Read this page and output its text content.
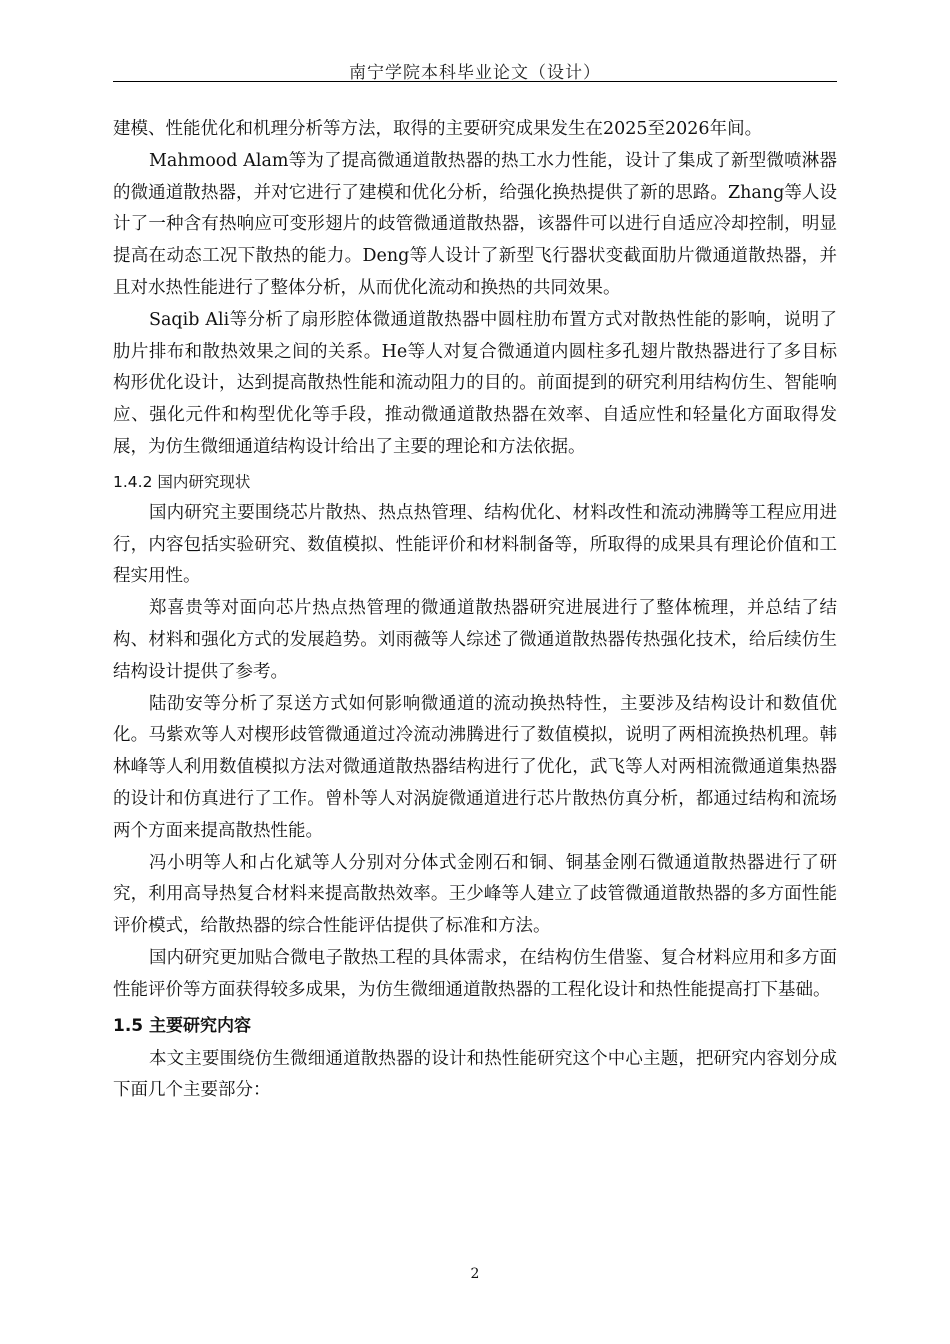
南宁学院本科毕业论文（设计）

建模、性能优化和机理分析等方法，取得的主要研究成果发生在2025至2026年间。

Mahmood Alam等为了提高微通道散热器的热工水力性能，设计了集成了新型微喷淋器的微通道散热器，并对它进行了建模和优化分析，给强化换热提供了新的思路。Zhang等人设计了一种含有热响应可变形翅片的歧管微通道散热器，该器件可以进行自适应冷却控制，明显提高在动态工况下散热的能力。Deng等人设计了新型飞行器状变截面肋片微通道散热器，并且对水热性能进行了整体分析，从而优化流动和换热的共同效果。

Saqib Ali等分析了扇形腔体微通道散热器中圆柱肋布置方式对散热性能的影响，说明了肋片排布和散热效果之间的关系。He等人对复合微通道内圆柱多孔翅片散热器进行了多目标构形优化设计，达到提高散热性能和流动阻力的目的。前面提到的研究利用结构仿生、智能响应、强化元件和构型优化等手段，推动微通道散热器在效率、自适应性和轻量化方面取得发展，为仿生微细通道结构设计给出了主要的理论和方法依据。

1.4.2 国内研究现状

国内研究主要围绕芯片散热、热点热管理、结构优化、材料改性和流动沸腾等工程应用进行，内容包括实验研究、数值模拟、性能评价和材料制备等，所取得的成果具有理论价值和工程实用性。

郑喜贵等对面向芯片热点热管理的微通道散热器研究进展进行了整体梳理，并总结了结构、材料和强化方式的发展趋势。刘雨薇等人综述了微通道散热器传热强化技术，给后续仿生结构设计提供了参考。

陆劭安等分析了泵送方式如何影响微通道的流动换热特性，主要涉及结构设计和数值优化。马紫欢等人对楔形歧管微通道过冷流动沸腾进行了数值模拟，说明了两相流换热机理。韩林峰等人利用数值模拟方法对微通道散热器结构进行了优化，武飞等人对两相流微通道集热器的设计和仿真进行了工作。曾朴等人对涡旋微通道进行芯片散热仿真分析，都通过结构和流场两个方面来提高散热性能。

冯小明等人和占化斌等人分别对分体式金刚石和铜、铜基金刚石微通道散热器进行了研究，利用高导热复合材料来提高散热效率。王少峰等人建立了歧管微通道散热器的多方面性能评价模式，给散热器的综合性能评估提供了标准和方法。

国内研究更加贴合微电子散热工程的具体需求，在结构仿生借鉴、复合材料应用和多方面性能评价等方面获得较多成果，为仿生微细通道散热器的工程化设计和热性能提高打下基础。

1.5 主要研究内容

本文主要围绕仿生微细通道散热器的设计和热性能研究这个中心主题，把研究内容划分成下面几个主要部分：

2
